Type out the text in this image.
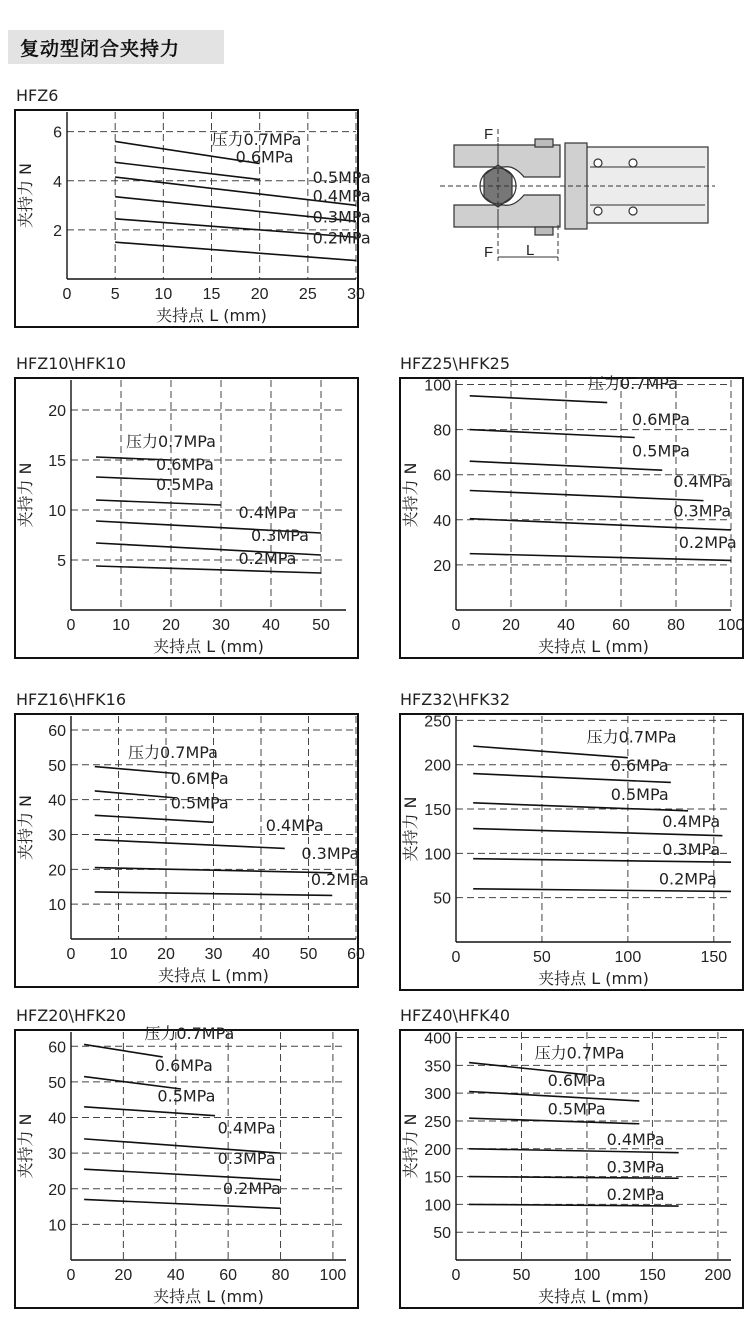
复动型闭合夹持力
HFZ6
HFZ10\HFK10	HFZ25\HFK25
HFZ16\HFK16	HFZ32\HFK32
HFZ20\HFK20	HFZ40\HFK40
F
F L
0 5 10 15 20 25 30
2
4
6
夹持点 L (mm)
夹持力 N
压力0.7MPa
0.6MPa
0.5MPa
0.4MPa
0.3MPa
0.2MPa
0 10 20 30 40 50
5
10
15
20
夹持点 L (mm)
夹持力 N
压力0.7MPa
0.6MPa
0.5MPa
0.4MPa
0.3MPa
0.2MPa
0	20 40 60 80 100
20
40
60
80
100
夹持点 L (mm)
夹持力 N
压力0.7MPa
0.6MPa
0.5MPa
0.4MPa
0.3MPa
0.2MPa
0 10 20 30 40 50 60
10
20
30
40
50
60
夹持点 L (mm)
夹持力 N
压力0.7MPa
0.6MPa
0.5MPa
0.4MPa
0.3MPa
0.2MPa
0	50	100	150
50
100
150
200
250
夹持点 L (mm)
夹持力 N
压力0.7MPa
0.6MPa
0.5MPa
0.4MPa
0.3MPa
0.2MPa
0 20 40 60 80 100
10
20
30
40
50
60
夹持点 L (mm)
夹持力 N
压力0.7MPa
0.6MPa
0.5MPa
0.4MPa
0.3MPa
0.2MPa
0	50	100 150 200
50
100
150
200
250
300
350
400
夹持点 L (mm)
夹持力 N
压力0.7MPa
0.6MPa
0.5MPa
0.4MPa
0.3MPa
0.2MPa
